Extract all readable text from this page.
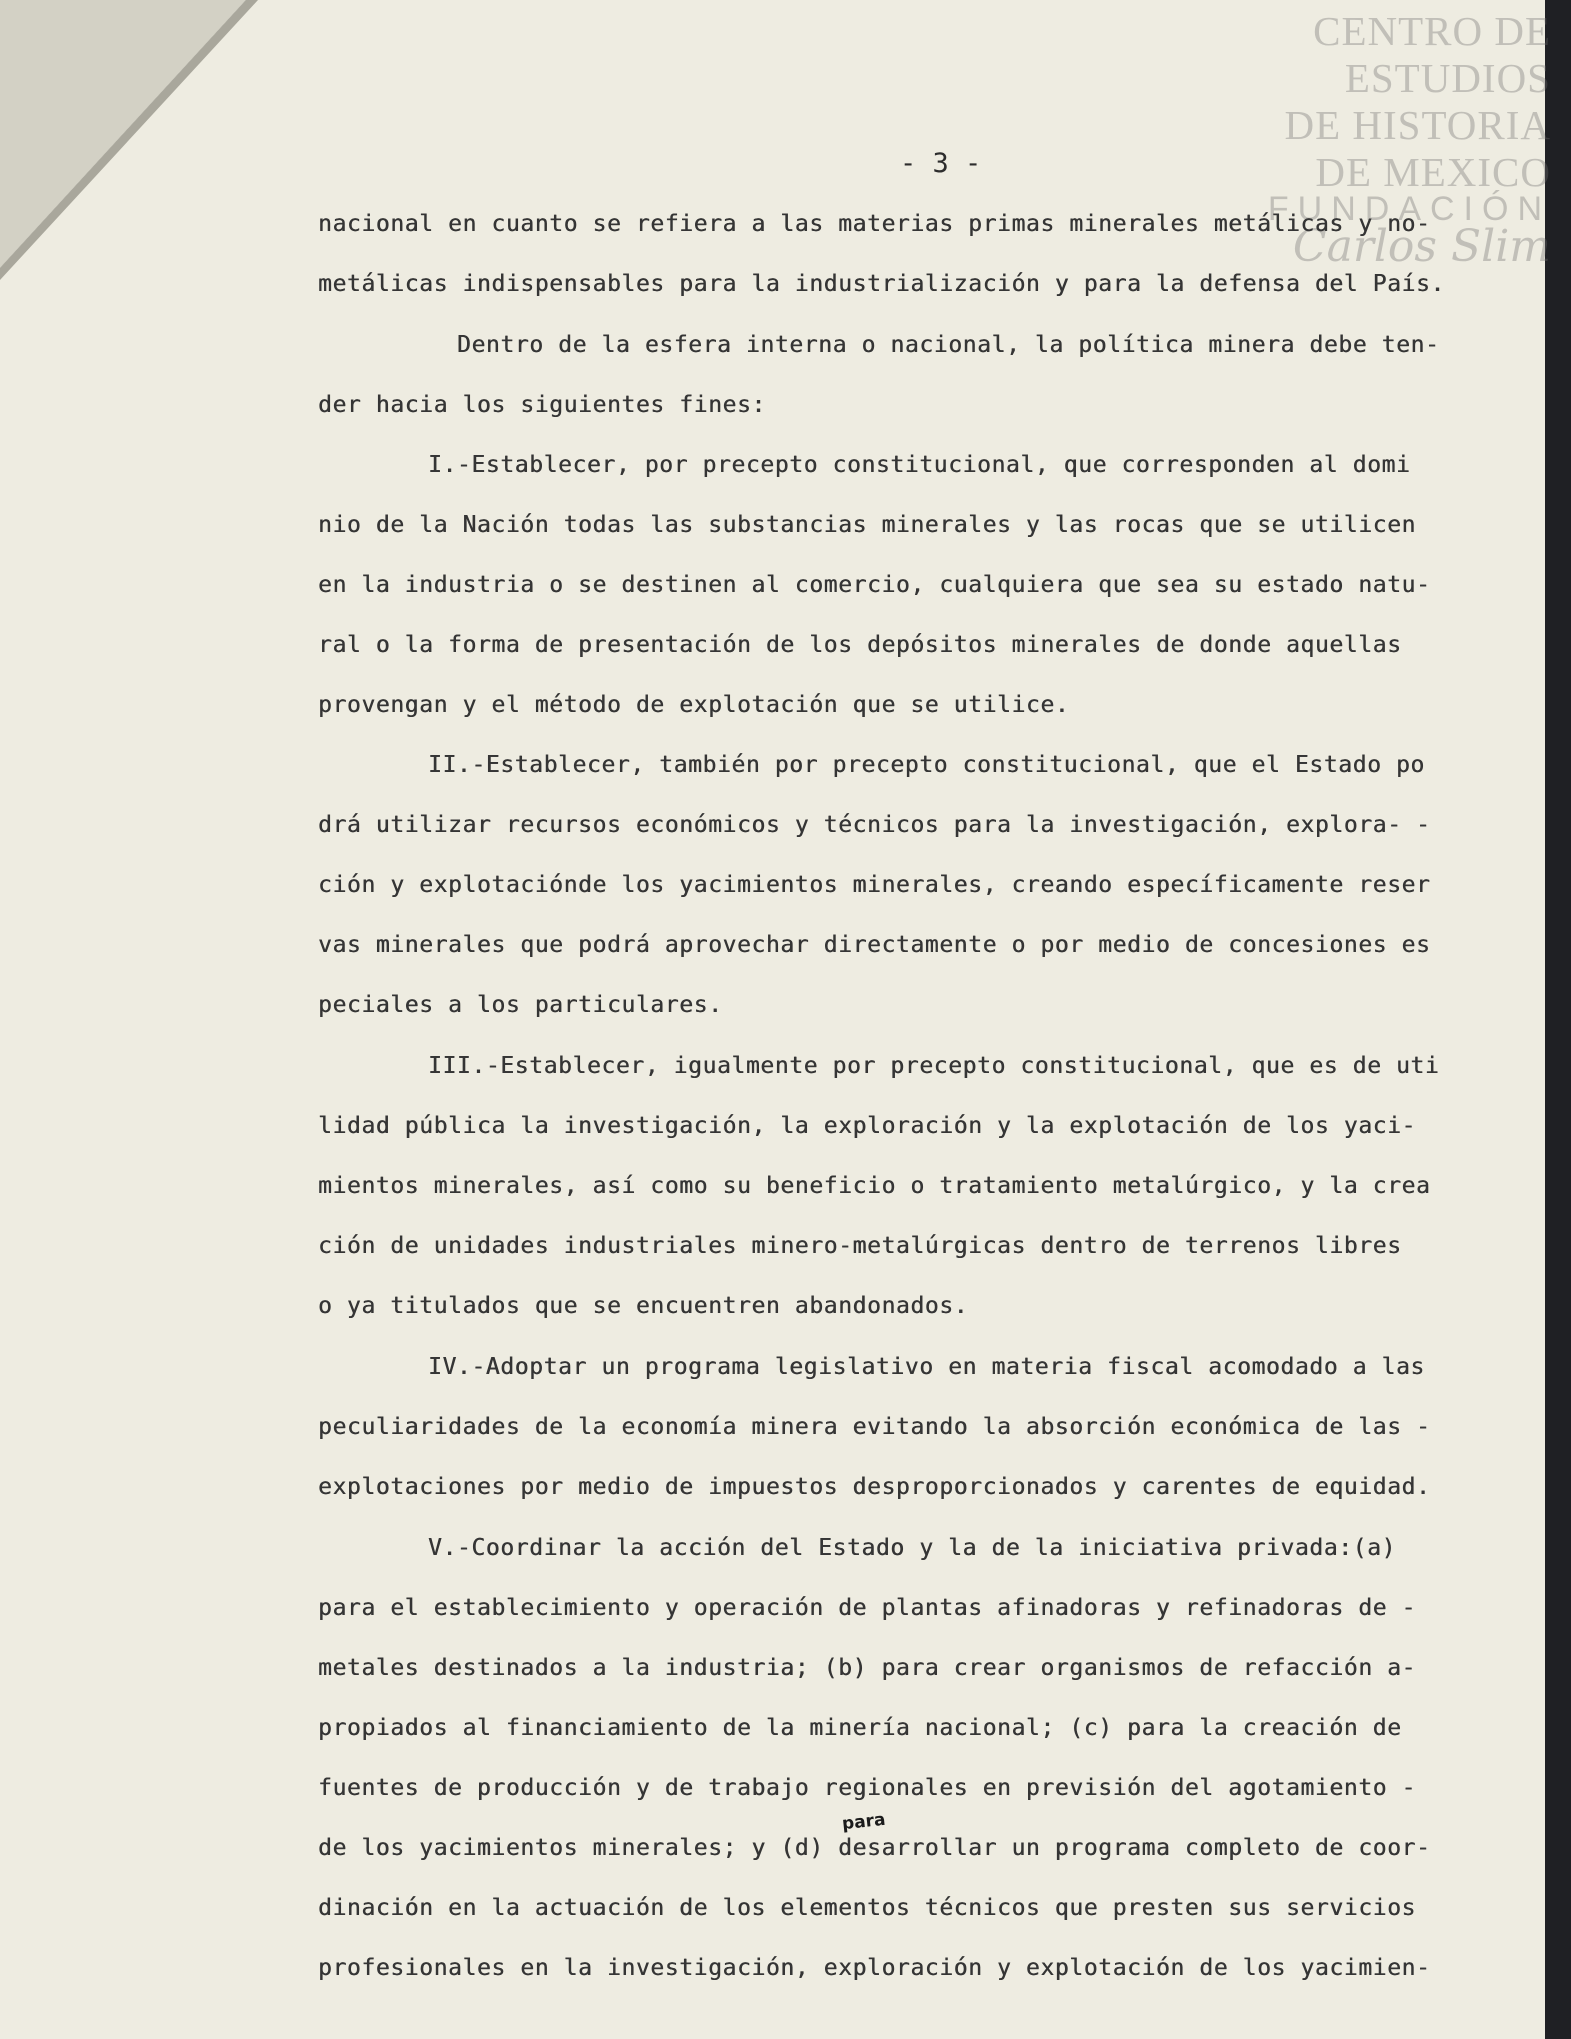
CENTRO DE
ESTUDIOS
DE HISTORIA
DE MEXICO
FUNDACIÓN
Carlos Slim
- 3 -
nacional en cuanto se refiera a las materias primas minerales metálicas y no-
metálicas indispensables para la industrialización y para la defensa del País.
Dentro de la esfera interna o nacional, la política minera debe ten-
der hacia los siguientes fines:
I.-Establecer, por precepto constitucional, que corresponden al domi
nio de la Nación todas las substancias minerales y las rocas que se utilicen
en la industria o se destinen al comercio, cualquiera que sea su estado natu-
ral o la forma de presentación de los depósitos minerales de donde aquellas
provengan y el método de explotación que se utilice.
II.-Establecer, también por precepto constitucional, que el Estado po
drá utilizar recursos económicos y técnicos para la investigación, explora- -
ción y explotaciónde los yacimientos minerales, creando específicamente reser
vas minerales que podrá aprovechar directamente o por medio de concesiones es
peciales a los particulares.
III.-Establecer, igualmente por precepto constitucional, que es de uti
lidad pública la investigación, la exploración y la explotación de los yaci-
mientos minerales, así como su beneficio o tratamiento metalúrgico, y la crea
ción de unidades industriales minero-metalúrgicas dentro de terrenos libres
o ya titulados que se encuentren abandonados.
IV.-Adoptar un programa legislativo en materia fiscal acomodado a las
peculiaridades de la economía minera evitando la absorción económica de las -
explotaciones por medio de impuestos desproporcionados y carentes de equidad.
V.-Coordinar la acción del Estado y la de la iniciativa privada:(a)
para el establecimiento y operación de plantas afinadoras y refinadoras de -
metales destinados a la industria; (b) para crear organismos de refacción a-
propiados al financiamiento de la minería nacional; (c) para la creación de
fuentes de producción y de trabajo regionales en previsión del agotamiento -
de los yacimientos minerales; y (d) desarrollar un programa completo de coor-
dinación en la actuación de los elementos técnicos que presten sus servicios
profesionales en la investigación, exploración y explotación de los yacimien-
para
